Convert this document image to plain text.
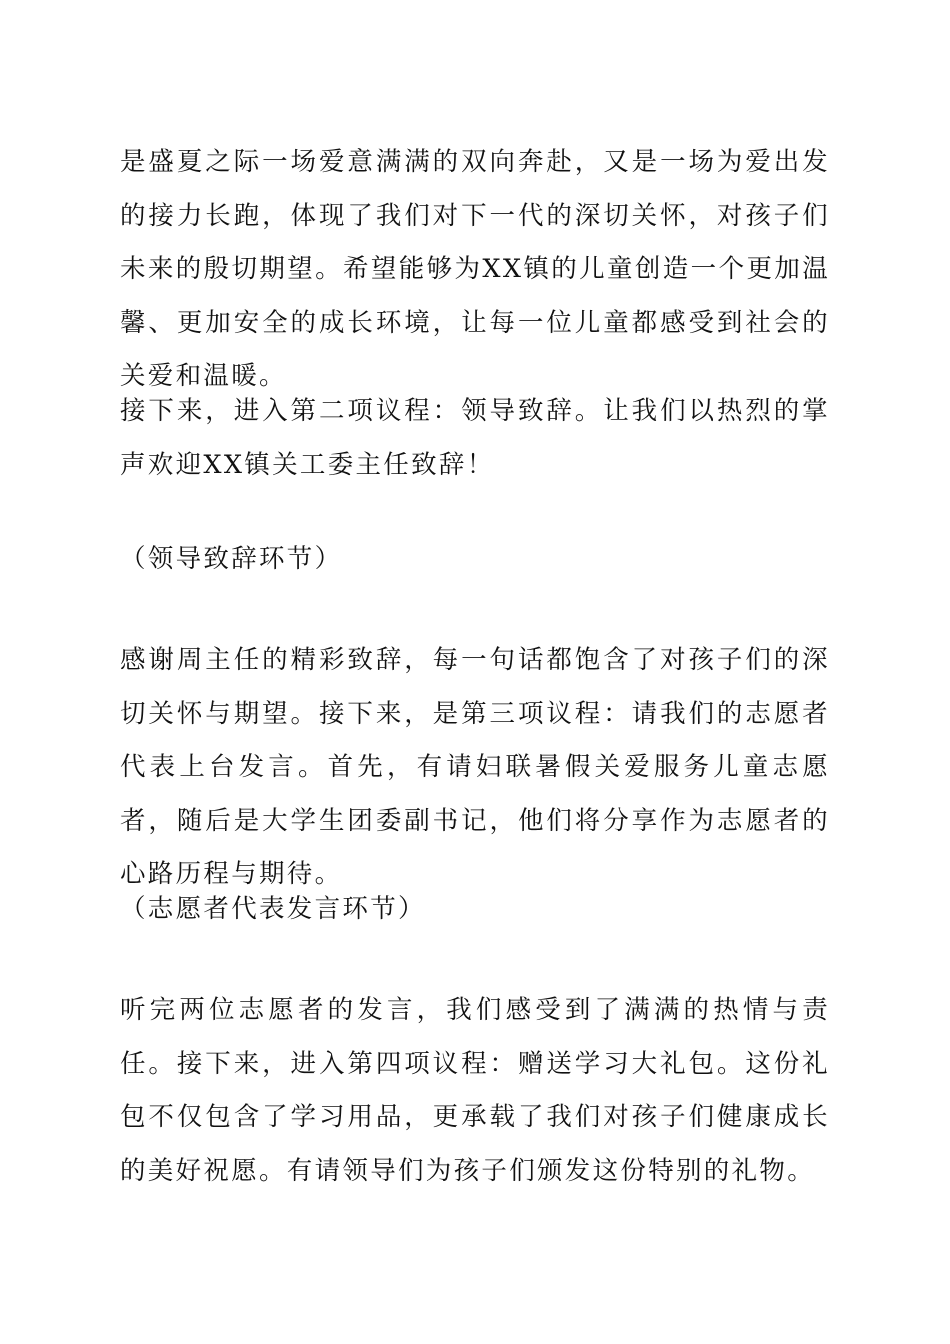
是盛夏之际一场爱意满满的双向奔赴，又是一场为爱出发的接力长跑，体现了我们对下一代的深切关怀，对孩子们未来的殷切期望。希望能够为XX镇的儿童创造一个更加温馨、更加安全的成长环境，让每一位儿童都感受到社会的关爱和温暖。

接下来，进入第二项议程：领导致辞。让我们以热烈的掌声欢迎XX镇关工委主任致辞！

（领导致辞环节）

感谢周主任的精彩致辞，每一句话都饱含了对孩子们的深切关怀与期望。接下来，是第三项议程：请我们的志愿者代表上台发言。首先，有请妇联暑假关爱服务儿童志愿者，随后是大学生团委副书记，他们将分享作为志愿者的心路历程与期待。

（志愿者代表发言环节）

听完两位志愿者的发言，我们感受到了满满的热情与责任。接下来，进入第四项议程：赠送学习大礼包。这份礼包不仅包含了学习用品，更承载了我们对孩子们健康成长的美好祝愿。有请领导们为孩子们颁发这份特别的礼物。
